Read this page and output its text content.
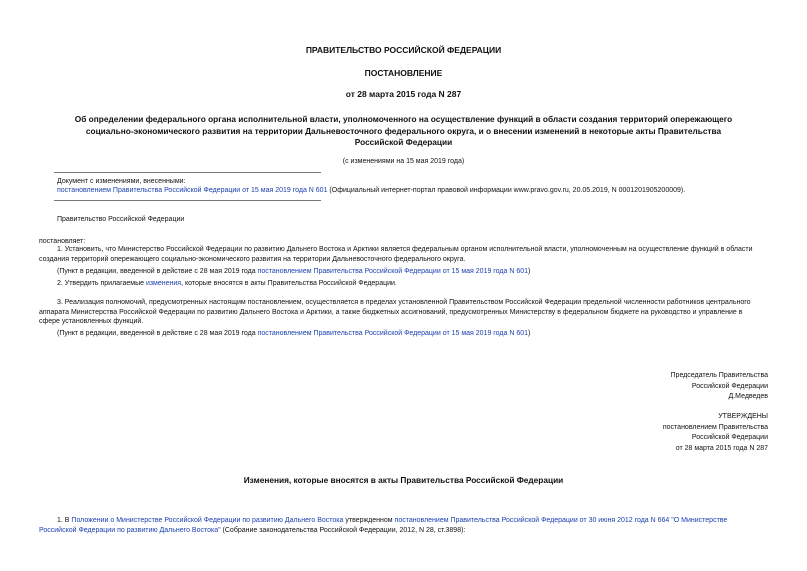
ПРАВИТЕЛЬСТВО РОССИЙСКОЙ ФЕДЕРАЦИИ
ПОСТАНОВЛЕНИЕ
от 28 марта 2015 года N 287
Об определении федерального органа исполнительной власти, уполномоченного на осуществление функций в области создания территорий опережающего
социально-экономического развития на территории Дальневосточного федерального округа, и о внесении изменений в некоторые акты Правительства
Российской Федерации
(с изменениями на 15 мая 2019 года)
Документ с изменениями, внесенными:
постановлением Правительства Российской Федерации от 15 мая 2019 года N 601 (Официальный интернет-портал правовой информации www.pravo.gov.ru, 20.05.2019, N 0001201905200009).
Правительство Российской Федерации
постановляет:
1. Установить, что Министерство Российской Федерации по развитию Дальнего Востока и Арктики является федеральным органом исполнительной власти, уполномоченным на осуществление функций в области
создания территорий опережающего социально-экономического развития на территории Дальневосточного федерального округа.
(Пункт в редакции, введенной в действие с 28 мая 2019 года постановлением Правительства Российской Федерации от 15 мая 2019 года N 601)
2. Утвердить прилагаемые изменения, которые вносятся в акты Правительства Российской Федерации.
3. Реализация полномочий, предусмотренных настоящим постановлением, осуществляется в пределах установленной Правительством Российской Федерации предельной численности работников центрального
аппарата Министерства Российской Федерации по развитию Дальнего Востока и Арктики, а также бюджетных ассигнований, предусмотренных Министерству в федеральном бюджете на руководство и управление в
сфере установленных функций.
(Пункт в редакции, введенной в действие с 28 мая 2019 года постановлением Правительства Российской Федерации от 15 мая 2019 года N 601)
Председатель Правительства
Российской Федерации
Д.Медведев
УТВЕРЖДЕНЫ
постановлением Правительства
Российской Федерации
от 28 марта 2015 года N 287
Изменения, которые вносятся в акты Правительства Российской Федерации
1. В Положении о Министерстве Российской Федерации по развитию Дальнего Востока утвержденном постановлением Правительства Российской Федерации от 30 июня 2012 года N 664 "О Министерстве
Российской Федерации по развитию Дальнего Востока" (Собрание законодательства Российской Федерации, 2012, N 28, ст.3898):
